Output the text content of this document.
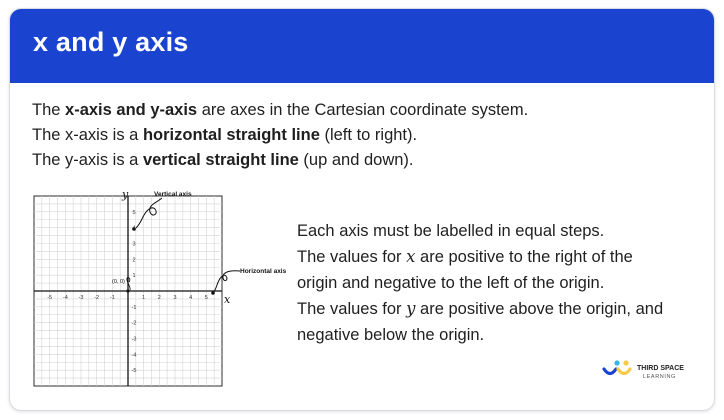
x and y axis

The x-axis and y-axis are axes in the Cartesian coordinate system.

The x-axis is a horizontal straight line (left to right).

The y-axis is a vertical straight line (up and down).

-5 -4 -3 -2 -1	1 2 3 4 5
5
3
2
1
-1
-2
-3
-4
-5
x
y	Vertical axis
Horizontal axis
(0, 0)

Each axis must be labelled in equal steps.

The values for x are positive to the right of the

origin and negative to the left of the origin.

The values for y are positive above the origin, and

negative below the origin.

THIRD SPACE
LEARNING
